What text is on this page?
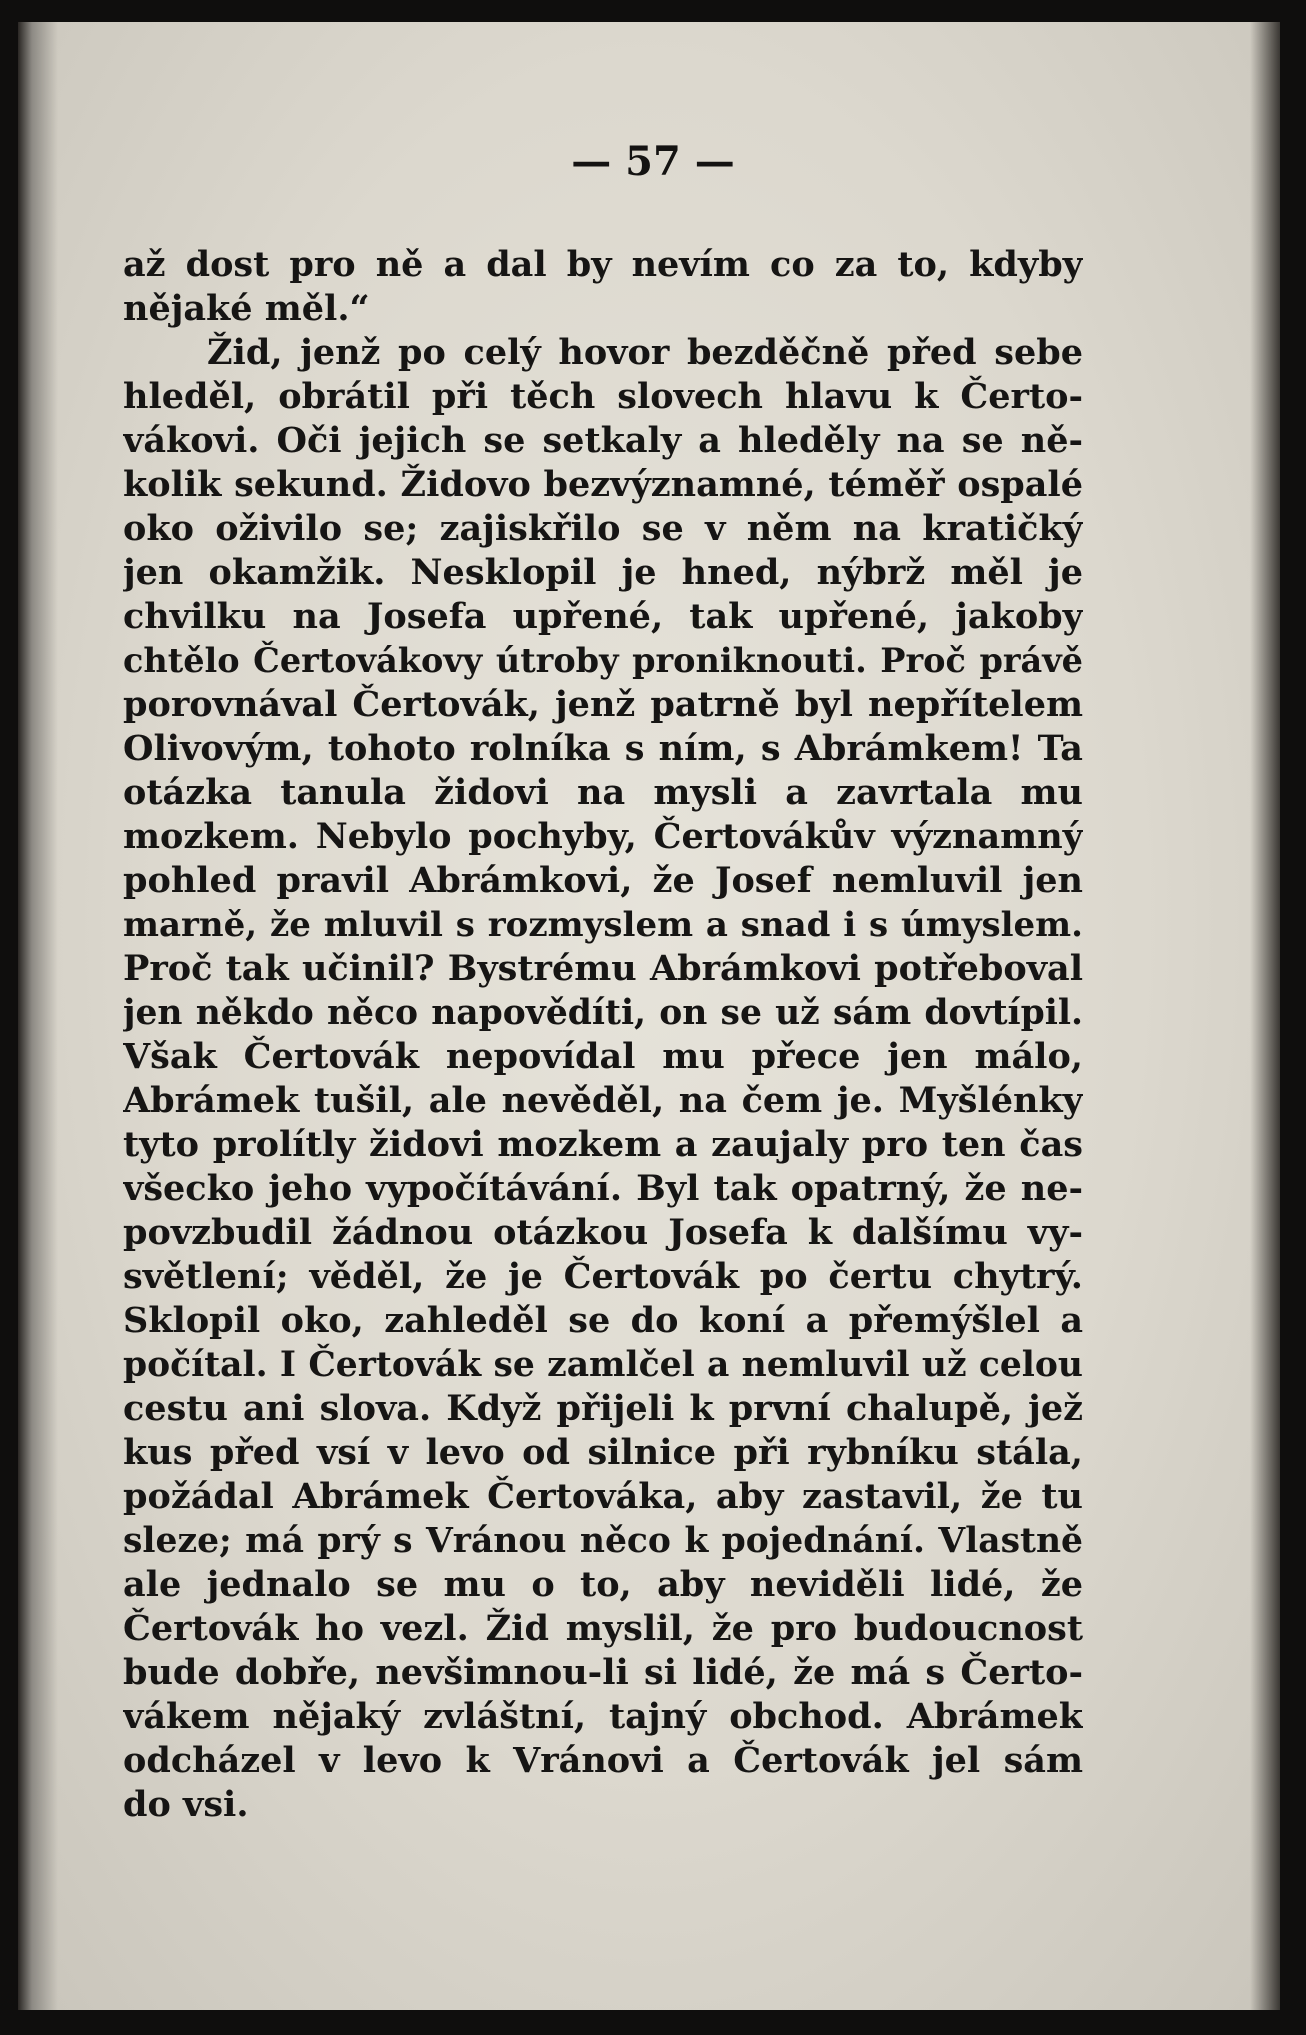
— 57 —
až dost pro ně a dal by nevím co za to, kdyby
nějaké měl.“
Žid, jenž po celý hovor bezděčně před sebe
hleděl, obrátil při těch slovech hlavu k Čerto-
vákovi. Oči jejich se setkaly a hleděly na se ně-
kolik sekund. Židovo bezvýznamné, téměř ospalé
oko oživilo se; zajiskřilo se v něm na kratičký
jen okamžik. Nesklopil je hned, nýbrž měl je
chvilku na Josefa upřené, tak upřené, jakoby
chtělo Čertovákovy útroby proniknouti. Proč právě
porovnával Čertovák, jenž patrně byl nepřítelem
Olivovým, tohoto rolníka s ním, s Abrámkem! Ta
otázka tanula židovi na mysli a zavrtala mu
mozkem. Nebylo pochyby, Čertovákův významný
pohled pravil Abrámkovi, že Josef nemluvil jen
marně, že mluvil s rozmyslem a snad i s úmyslem.
Proč tak učinil? Bystrému Abrámkovi potřeboval
jen někdo něco napovědíti, on se už sám dovtípil.
Však Čertovák nepovídal mu přece jen málo,
Abrámek tušil, ale nevěděl, na čem je. Myšlénky
tyto prolítly židovi mozkem a zaujaly pro ten čas
všecko jeho vypočítávání. Byl tak opatrný, že ne-
povzbudil žádnou otázkou Josefa k dalšímu vy-
světlení; věděl, že je Čertovák po čertu chytrý.
Sklopil oko, zahleděl se do koní a přemýšlel a
počítal. I Čertovák se zamlčel a nemluvil už celou
cestu ani slova. Když přijeli k první chalupě, jež
kus před vsí v levo od silnice při rybníku stála,
požádal Abrámek Čertováka, aby zastavil, že tu
sleze; má prý s Vránou něco k pojednání. Vlastně
ale jednalo se mu o to, aby neviděli lidé, že
Čertovák ho vezl. Žid myslil, že pro budoucnost
bude dobře, nevšimnou-li si lidé, že má s Čerto-
vákem nějaký zvláštní, tajný obchod. Abrámek
odcházel v levo k Vránovi a Čertovák jel sám
do vsi.
